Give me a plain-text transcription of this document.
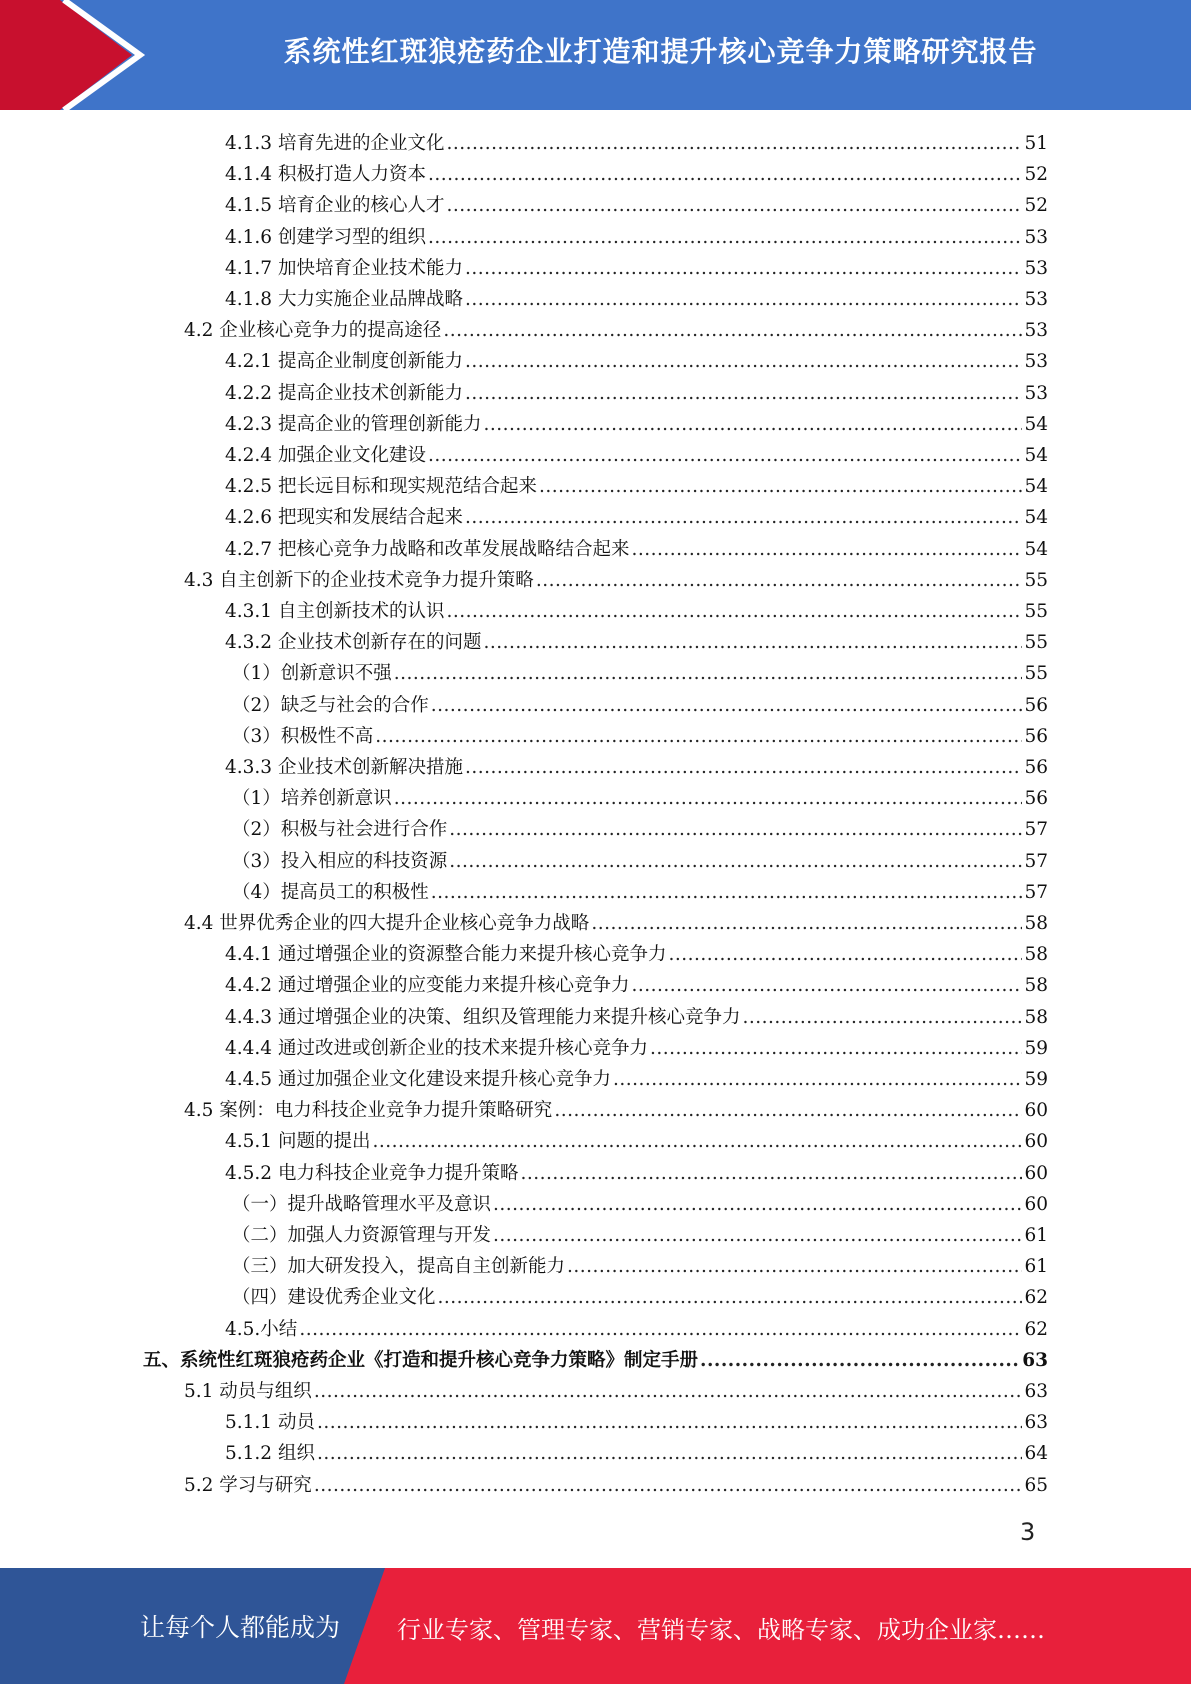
系统性红斑狼疮药企业打造和提升核心竞争力策略研究报告
4.1.3 培育先进的企业文化 .....	51
4.1.4 积极打造人力资本 .....	52
4.1.5 培育企业的核心人才 .....	52
4.1.6 创建学习型的组织 .....	53
4.1.7 加快培育企业技术能力 .....	53
4.1.8 大力实施企业品牌战略 .....	53
4.2 企业核心竞争力的提高途径 .....	53
4.2.1 提高企业制度创新能力 .....	53
4.2.2 提高企业技术创新能力 .....	53
4.2.3 提高企业的管理创新能力 .....	54
4.2.4 加强企业文化建设 .....	54
4.2.5 把长远目标和现实规范结合起来 .....	54
4.2.6 把现实和发展结合起来 .....	54
4.2.7 把核心竞争力战略和改革发展战略结合起来 .....	54
4.3 自主创新下的企业技术竞争力提升策略 .....	55
4.3.1 自主创新技术的认识 .....	55
4.3.2 企业技术创新存在的问题 .....	55
（1）创新意识不强 .....	55
（2）缺乏与社会的合作 .....	56
（3）积极性不高 .....	56
4.3.3 企业技术创新解决措施 .....	56
（1）培养创新意识 .....	56
（2）积极与社会进行合作 .....	57
（3）投入相应的科技资源 .....	57
（4）提高员工的积极性 .....	57
4.4 世界优秀企业的四大提升企业核心竞争力战略 .....	58
4.4.1 通过增强企业的资源整合能力来提升核心竞争力 .....	58
4.4.2 通过增强企业的应变能力来提升核心竞争力 .....	58
4.4.3 通过增强企业的决策、组织及管理能力来提升核心竞争力 .....	58
4.4.4 通过改进或创新企业的技术来提升核心竞争力 .....	59
4.4.5 通过加强企业文化建设来提升核心竞争力 .....	59
4.5 案例：电力科技企业竞争力提升策略研究 .....	60
4.5.1 问题的提出 .....	60
4.5.2 电力科技企业竞争力提升策略 .....	60
（一）提升战略管理水平及意识 .....	60
（二）加强人力资源管理与开发 .....	61
（三）加大研发投入，提高自主创新能力 .....	61
（四）建设优秀企业文化 .....	62
4.5.小结 .....	62
五、系统性红斑狼疮药企业《打造和提升核心竞争力策略》制定手册 .....	63
5.1 动员与组织 .....	63
5.1.1 动员 .....	63
5.1.2 组织 .....	64
5.2 学习与研究 .....	65
3
让每个人都能成为 行业专家、管理专家、营销专家、战略专家、成功企业家……
